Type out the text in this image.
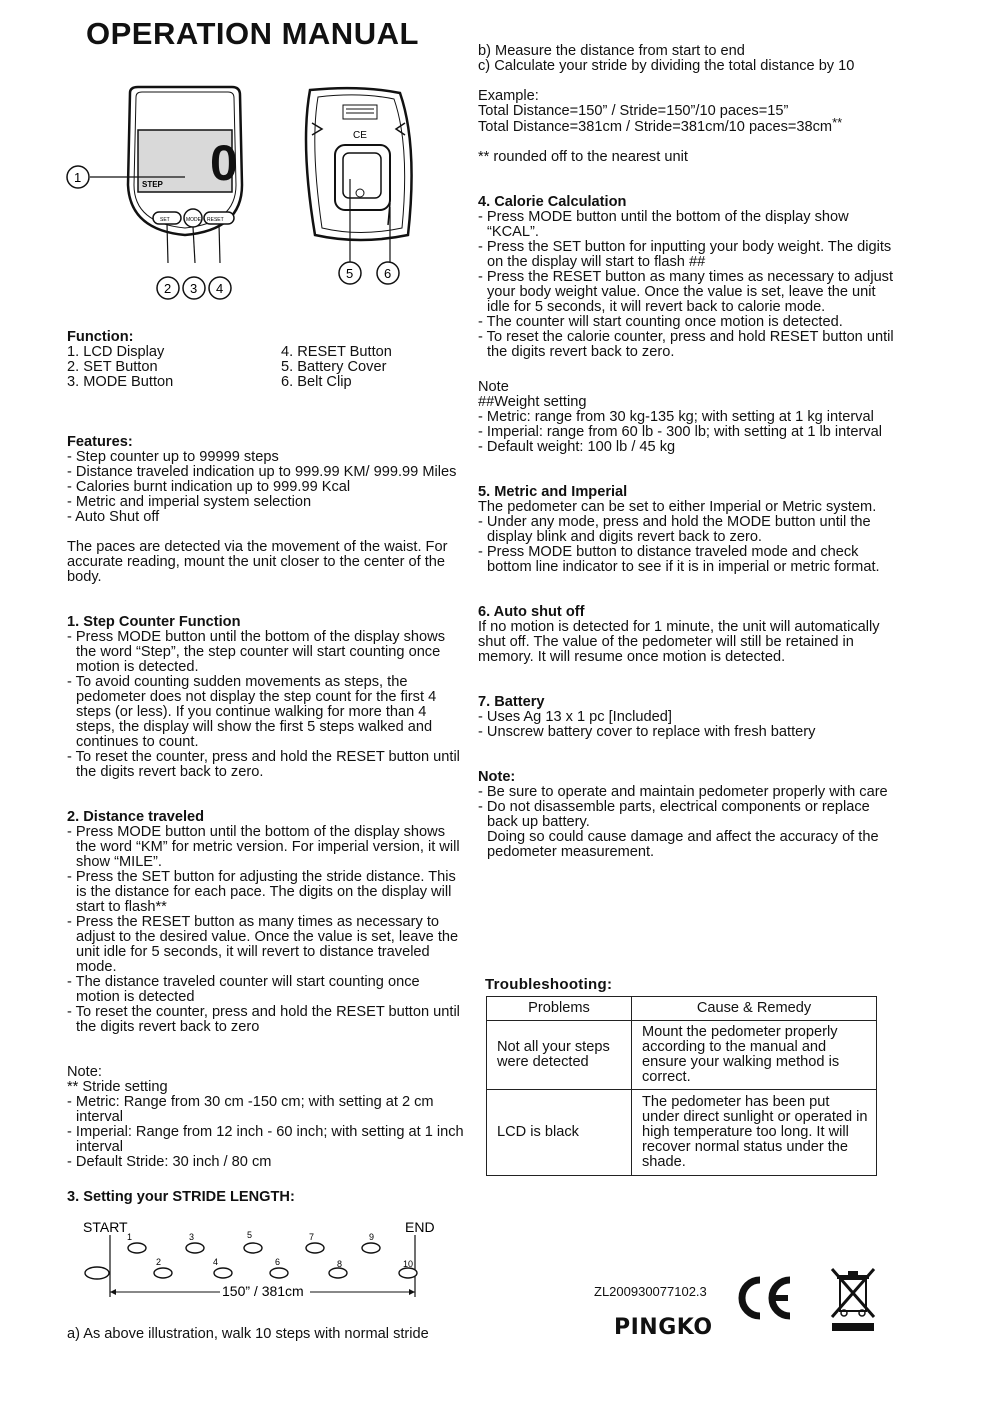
OPERATION MANUAL
0
STEP
SET	MODE RESET
CE
1
2 3 4
5 6
Function:
1. LCD Display	4. RESET Button
2. SET Button	5. Battery Cover
3. MODE Button	6. Belt Clip
Features:
- Step counter up to 99999 steps
- Distance traveled indication up to 999.99 KM/ 999.99 Miles
- Calories burnt indication up to 999.99 Kcal
- Metric and imperial system selection
- Auto Shut off

The paces are detected via the movement of the waist. For accurate reading, mount the unit closer to the center of the body.

1. Step Counter Function
- Press MODE button until the bottom of the display shows the word “Step”, the step counter will start counting once motion is detected.
- To avoid counting sudden movements as steps, the pedometer does not display the step count for the first 4 steps (or less). If you continue walking for more than 4 steps, the display will show the first 5 steps walked and continues to count.
- To reset the counter, press and hold the RESET button until the digits revert back to zero.
2. Distance traveled
- Press MODE button until the bottom of the display shows the word “KM” for metric version. For imperial version, it will show “MILE”.
- Press the SET button for adjusting the stride distance. This is the distance for each pace. The digits on the display will start to flash**
- Press the RESET button as many times as necessary to adjust to the desired value. Once the value is set, leave the unit idle for 5 seconds, it will revert to distance traveled mode.
- The distance traveled counter will start counting once motion is detected
- To reset the counter, press and hold the RESET button until the digits revert back to zero
Note:
** Stride setting
- Metric: Range from 30 cm -150 cm; with setting at 2 cm interval
- Imperial: Range from 12 inch - 60 inch; with setting at 1 inch interval
- Default Stride: 30 inch / 80 cm
3. Setting your STRIDE LENGTH:
START	END
150” / 381cm
1
2
3
4
5
6
7
8
9
10

a) As above illustration, walk 10 steps with normal stride

b) Measure the distance from start to end

c) Calculate your stride by dividing the total distance by 10

Example:
Total Distance=150” / Stride=150”/10 paces=15”
Total Distance=381cm / Stride=381cm/10 paces=38cm**
** rounded off to the nearest unit
4. Calorie Calculation
- Press MODE button until the bottom of the display show “KCAL”.
- Press the SET button for inputting your body weight. The digits on the display will start to flash ##
- Press the RESET button as many times as necessary to adjust your body weight value. Once the value is set, leave the unit idle for 5 seconds, it will revert back to calorie mode.
- The counter will start counting once motion is detected.
- To reset the calorie counter, press and hold RESET button until the digits revert back to zero.
Note
##Weight setting
- Metric: range from 30 kg-135 kg; with setting at 1 kg interval
- Imperial: range from 60 lb - 300 lb; with setting at 1 lb interval
- Default weight: 100 lb / 45 kg
5. Metric and Imperial

The pedometer can be set to either Imperial or Metric system.

- Under any mode, press and hold the MODE button until the display blink and digits revert back to zero.
- Press MODE button to distance traveled mode and check bottom line indicator to see if it is in imperial or metric format.
6. Auto shut off

If no motion is detected for 1 minute, the unit will automatically shut off. The value of the pedometer will still be retained in memory. It will resume once motion is detected.

7. Battery
- Uses Ag 13 x 1 pc [Included]
- Unscrew battery cover to replace with fresh battery
Note:
- Be sure to operate and maintain pedometer properly with care
- Do not disassemble parts, electrical components or replace back up battery.

Doing so could cause damage and affect the accuracy of the pedometer measurement.

Troubleshooting:
Problems	Cause & Remedy
Not all your steps were detected	Mount the pedometer properly according to the manual and ensure your walking method is correct.
LCD is black	The pedometer has been put under direct sunlight or operated in high temperature too long. It will recover normal status under the shade.
ZL200930077102.3
PINGKO
